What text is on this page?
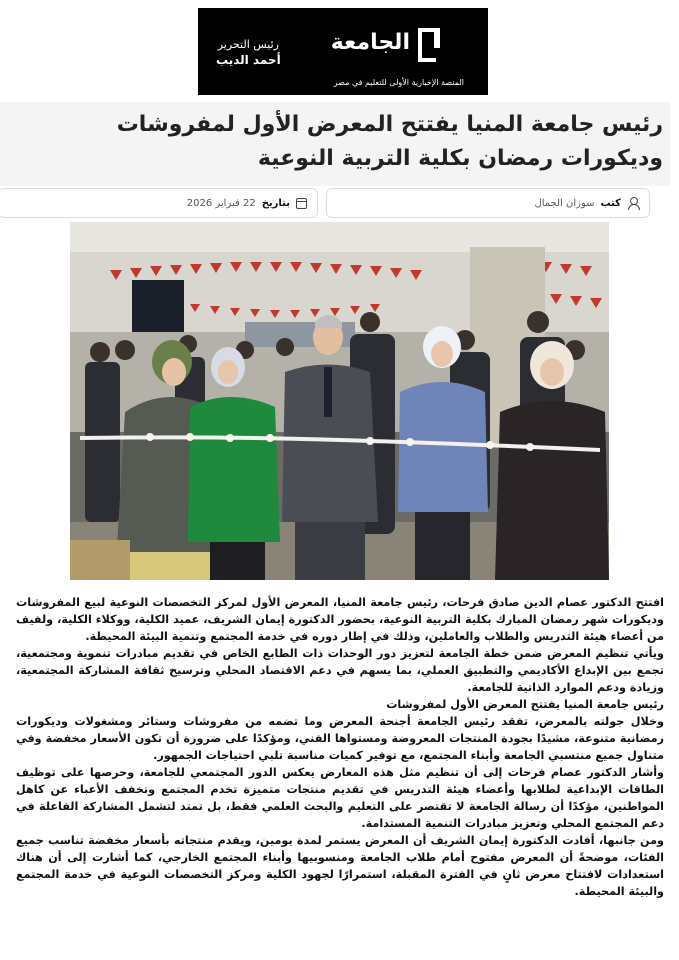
الجامعة
رئيس التحرير
أحمد الديب
المنصة الإخبارية الأولى للتعليم في مصر
رئيس جامعة المنيا يفتتح المعرض الأول لمفروشات وديكورات رمضان بكلية التربية النوعية
كتب
سوزان الجمال
بتاريخ
22 فبراير 2026

افتتح الدكتور عصام الدين صادق فرحات، رئيس جامعة المنيا، المعرض الأول لمركز التخصصات النوعية لبيع المفروشات وديكورات شهر رمضان المبارك بكلية التربية النوعية، بحضور الدكتورة إيمان الشريف، عميد الكلية، ووكلاء الكلية، ولفيف من أعضاء هيئة التدريس والطلاب والعاملين، وذلك في إطار دوره في خدمة المجتمع وتنمية البيئة المحيطة.

ويأتي تنظيم المعرض ضمن خطة الجامعة لتعزيز دور الوحدات ذات الطابع الخاص في تقديم مبادرات تنموية ومجتمعية، تجمع بين الإبداع الأكاديمي والتطبيق العملي، بما يسهم في دعم الاقتصاد المحلي وترسيخ ثقافة المشاركة المجتمعية، وزيادة ودعم الموارد الذاتية للجامعة.

رئيس جامعة المنيا يفتتح المعرض الأول لمفروشات

وخلال جولته بالمعرض، تفقد رئيس الجامعة أجنحة المعرض وما تضمه من مفروشات وستائر ومشغولات وديكورات رمضانية متنوعة، مشيدًا بجودة المنتجات المعروضة ومستواها الفني، ومؤكدًا على ضرورة أن تكون الأسعار مخفضة وفي متناول جميع منتسبي الجامعة وأبناء المجتمع، مع توفير كميات مناسبة تلبي احتياجات الجمهور.

وأشار الدكتور عصام فرحات إلى أن تنظيم مثل هذه المعارض يعكس الدور المجتمعي للجامعة، وحرصها على توظيف الطاقات الإبداعية لطلابها وأعضاء هيئة التدريس في تقديم منتجات متميزة تخدم المجتمع وتخفف الأعباء عن كاهل المواطنين، مؤكدًا أن رسالة الجامعة لا تقتصر على التعليم والبحث العلمي فقط، بل تمتد لتشمل المشاركة الفاعلة في دعم المجتمع المحلي وتعزيز مبادرات التنمية المستدامة.

ومن جانبها، أفادت الدكتورة إيمان الشريف أن المعرض يستمر لمدة يومين، ويقدم منتجاته بأسعار مخفضة تناسب جميع الفئات، موضحةً أن المعرض مفتوح أمام طلاب الجامعة ومنسوبيها وأبناء المجتمع الخارجي، كما أشارت إلى أن هناك استعدادات لافتتاح معرض ثانٍ في الفترة المقبلة، استمرارًا لجهود الكلية ومركز التخصصات النوعية في خدمة المجتمع والبيئة المحيطة.
